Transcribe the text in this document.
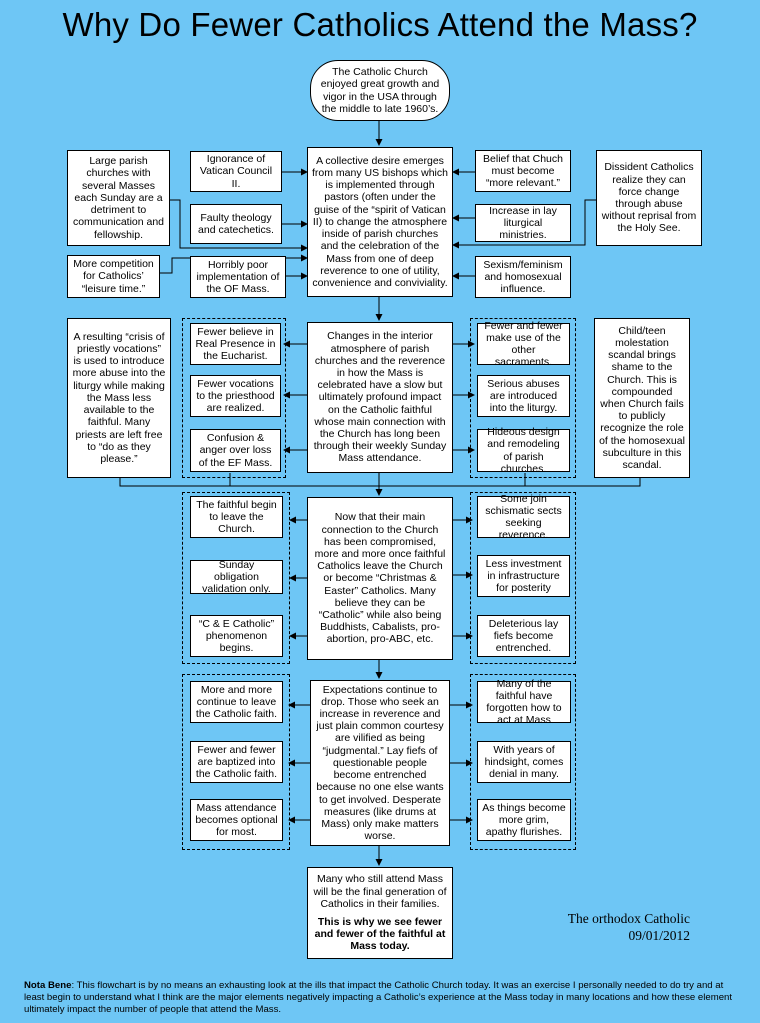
Why Do Fewer Catholics Attend the Mass?
The Catholic Church enjoyed great growth and vigor in the USA through the middle to late 1960’s.
A collective desire emerges from many US bishops which is implemented through pastors (often under the guise of the “spirit of Vatican II) to change the atmosphere inside of parish churches and the celebration of the Mass from one of deep reverence to one of utility, convenience and conviviality.
Changes in the interior atmosphere of parish churches and the reverence in how the Mass is celebrated have a slow but ultimately profound impact on the Catholic faithful whose main connection with the Church has long been through their weekly Sunday Mass attendance.
Now that their main connection to the Church has been compromised, more and more once faithful Catholics leave the Church or become “Christmas & Easter” Catholics. Many believe they can be “Catholic” while also being Buddhists, Cabalists, pro-abortion, pro-ABC, etc.
Expectations continue to drop. Those who seek an increase in reverence and just plain common courtesy are vilified as being “judgmental.” Lay fiefs of questionable people become entrenched because no one else wants to get involved. Desperate measures (like drums at Mass) only make matters worse.
Many who still attend Mass will be the final generation of Catholics in their families.
This is why we see fewer and fewer of the faithful at Mass today.
Large parish churches with several Masses each Sunday are a detriment to communication and fellowship.
More competition for Catholics’ “leisure time.”
A resulting “crisis of priestly vocations” is used to introduce more abuse into the liturgy while making the Mass less available to the faithful. Many priests are left free to “do as they please.”
Dissident Catholics realize they can force change through abuse without reprisal from the Holy See.
Child/teen molestation scandal brings shame to the Church. This is compounded when Church fails to publicly recognize the role of the homosexual subculture in this scandal.
Ignorance of Vatican Council II.
Faulty theology and catechetics.
Horribly poor implementation of the OF Mass.
Belief that Chuch must become “more relevant.”
Increase in lay liturgical ministries.
Sexism/feminism and homosexual influence.
Fewer believe in Real Presence in the Eucharist.
Fewer vocations to the priesthood are realized.
Confusion & anger over loss of the EF Mass.
Fewer and fewer make use of the other sacraments.
Serious abuses are introduced into the liturgy.
Hideous design and remodeling of parish churches.
The faithful begin to leave the Church.
Sunday obligation validation only.
“C & E Catholic” phenomenon begins.
Some join schismatic sects seeking reverence.
Less investment in infrastructure for posterity
Deleterious lay fiefs become entrenched.
More and more continue to leave the Catholic faith.
Fewer and fewer are baptized into the Catholic faith.
Mass attendance becomes optional for most.
Many of the faithful have forgotten how to act at Mass
With years of hindsight, comes denial in many.
As things become more grim, apathy flurishes.
The orthodox Catholic
09/01/2012
Nota Bene: This flowchart is by no means an exhausting look at the ills that impact the Catholic Church today. It was an exercise I personally needed to do try and at least begin to understand what I think are the major elements negatively impacting a Catholic’s experience at the Mass today in many locations and how these element ultimately impact the number of people that attend the Mass.
